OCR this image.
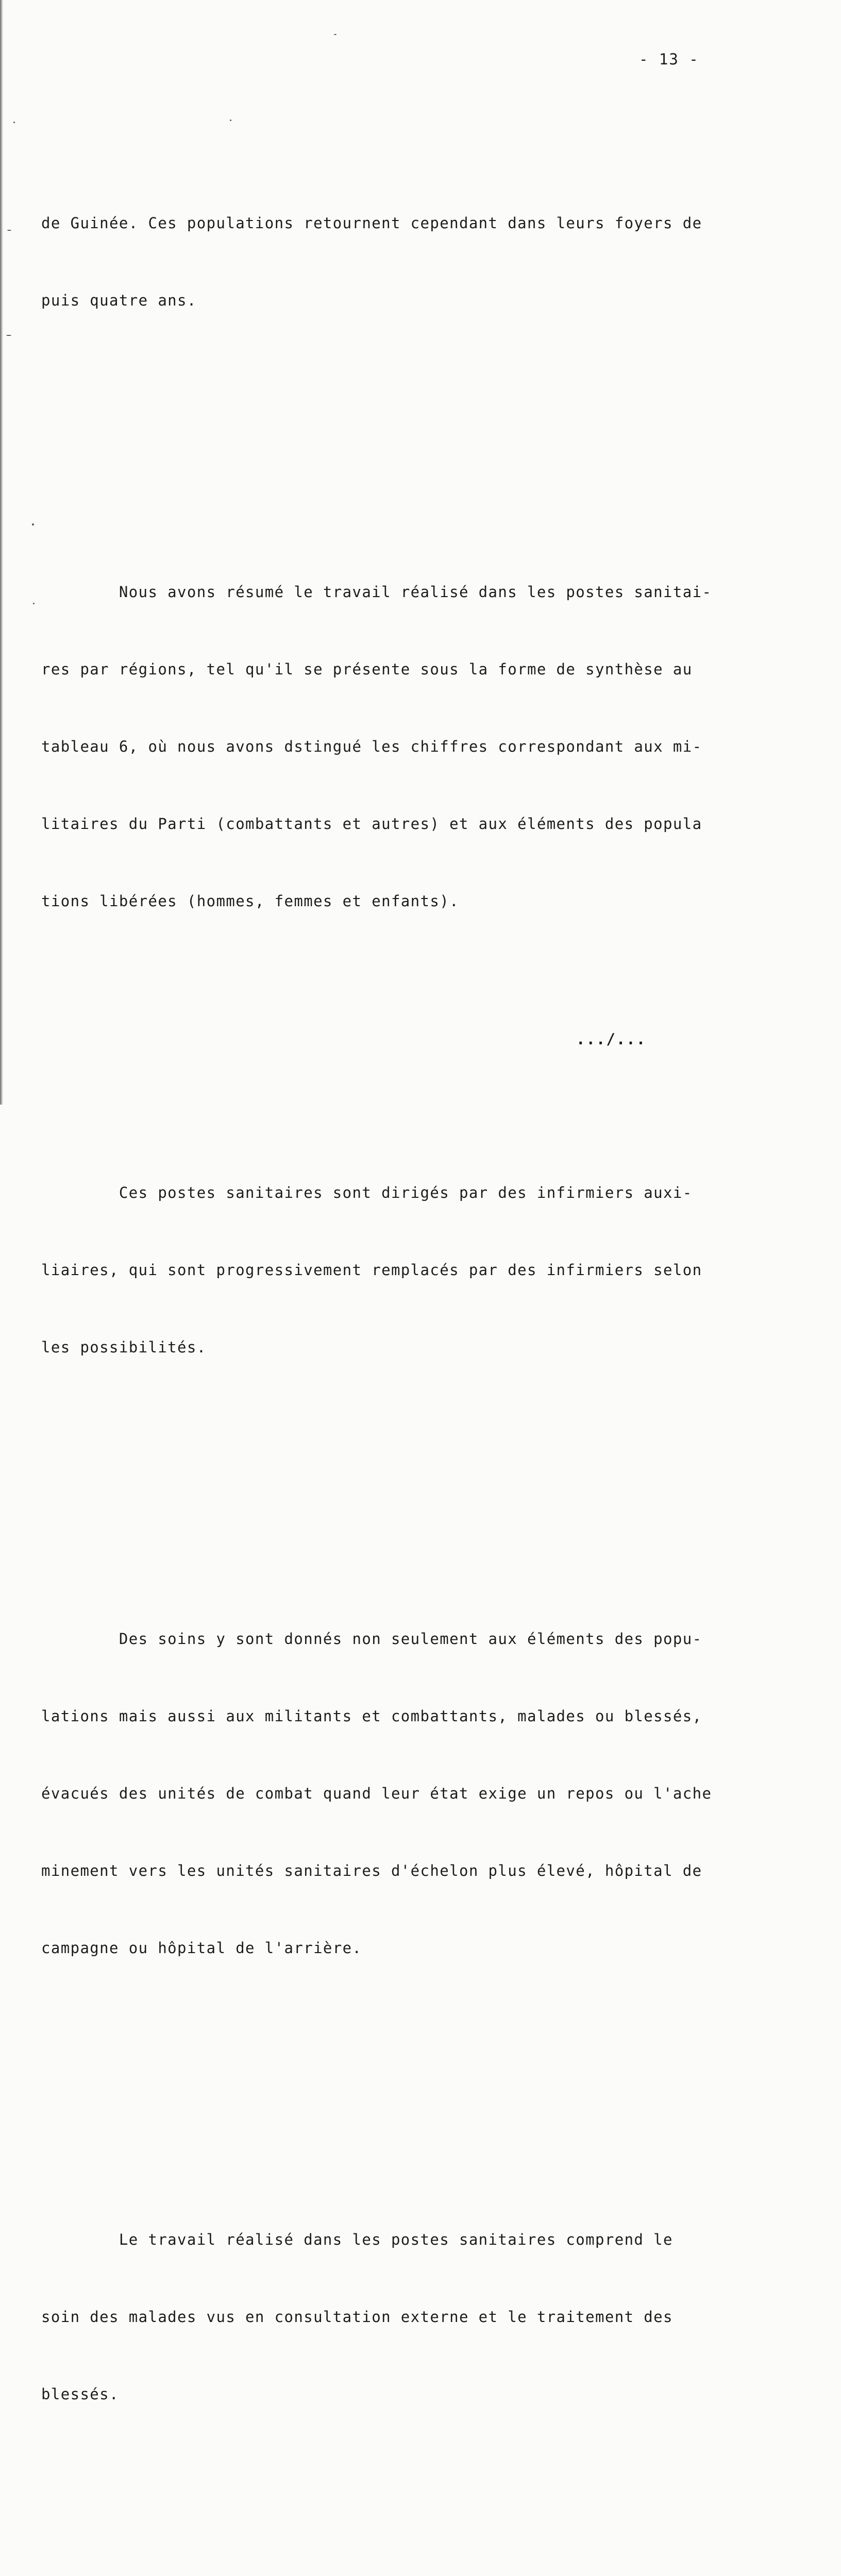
- 13 -

de Guinée. Ces populations retournent cependant dans leurs foyers de

puis quatre ans.

Nous avons résumé le travail réalisé dans les postes sanitai-

res par régions, tel qu'il se présente sous la forme de synthèse au

tableau 6, où nous avons dstingué les chiffres correspondant aux mi-

litaires du Parti (combattants et autres) et aux éléments des popula

tions libérées (hommes, femmes et enfants).

Ces postes sanitaires sont dirigés par des infirmiers auxi-

liaires, qui sont progressivement remplacés par des infirmiers selon

les possibilités.

Des soins y sont donnés non seulement aux éléments des popu-

lations mais aussi aux militants et combattants, malades ou blessés,

évacués des unités de combat quand leur état exige un repos ou l'ache

minement vers les unités sanitaires d'échelon plus élevé, hôpital de

campagne ou hôpital de l'arrière.

Le travail réalisé dans les postes sanitaires comprend le

soin des malades vus en consultation externe et le traitement des

blessés.

.../...
